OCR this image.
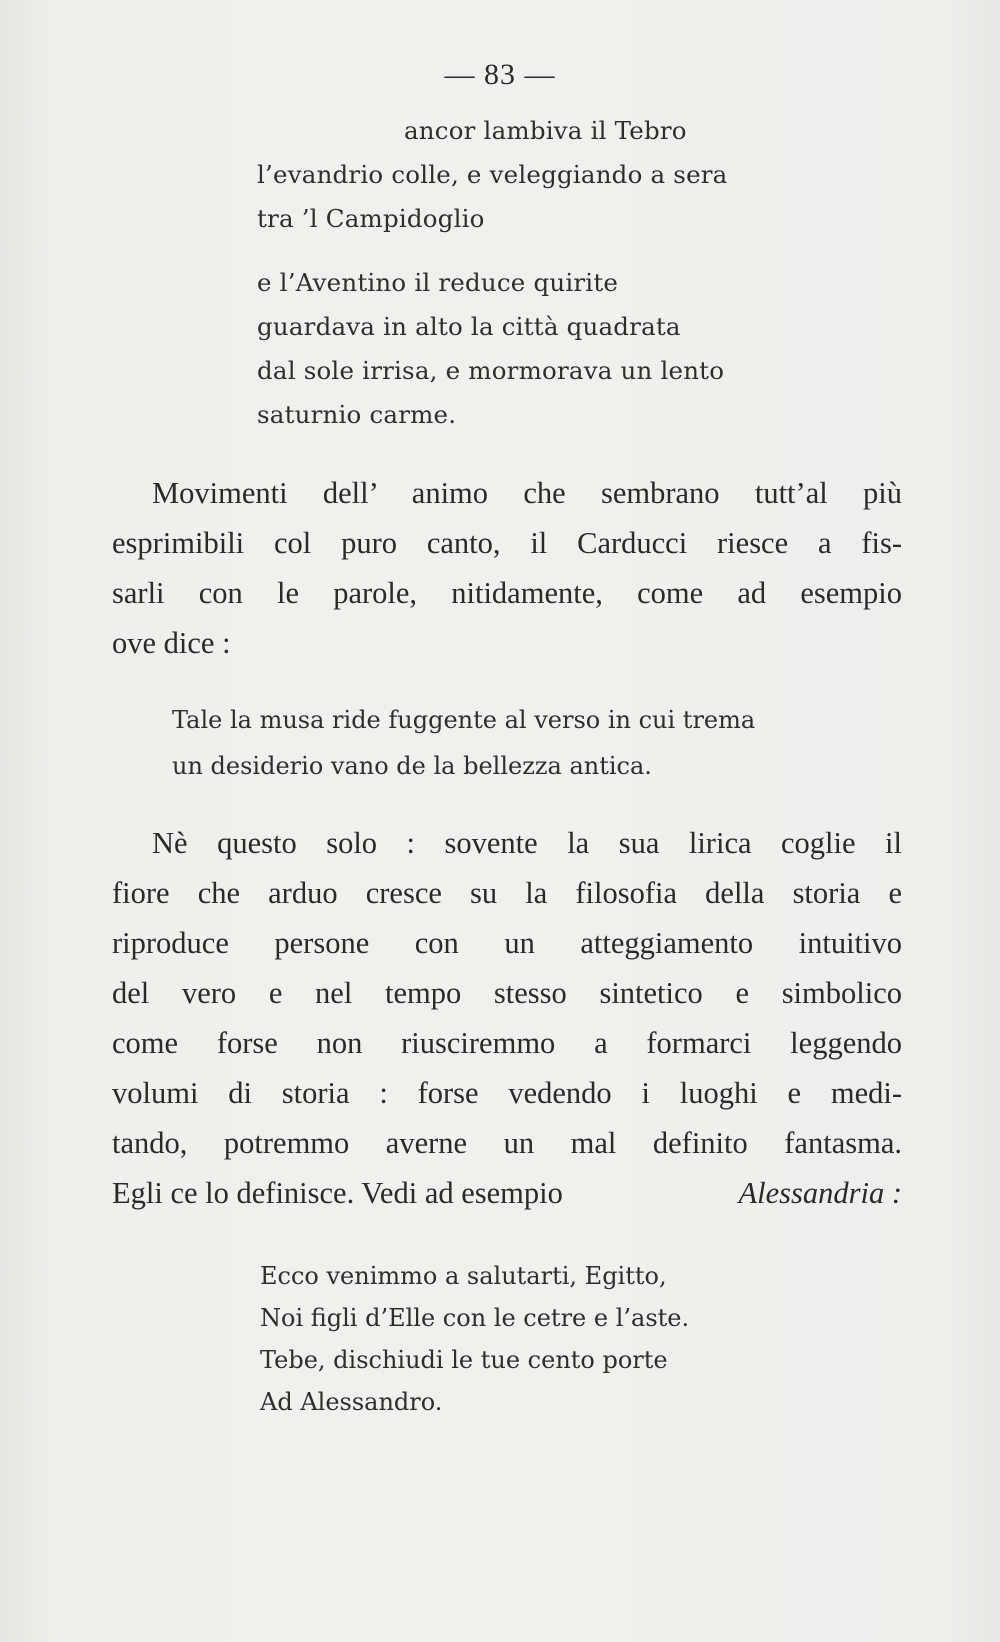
— 83 —
ancor lambiva il Tebro
l’evandrio colle, e veleggiando a sera
tra ’l Campidoglio
e l’Aventino il reduce quirite
guardava in alto la città quadrata
dal sole irrisa, e mormorava un lento
saturnio carme.
Movimenti dell’ animo che sembrano tutt’al più
esprimibili col puro canto, il Carducci riesce a fis-
sarli con le parole, nitidamente, come ad esempio
ove dice :
Tale la musa ride fuggente al verso in cui trema
un desiderio vano de la bellezza antica.
Nè questo solo : sovente la sua lirica coglie il
fiore che arduo cresce su la filosofia della storia e
riproduce persone con un atteggiamento intuitivo
del vero e nel tempo stesso sintetico e simbolico
come forse non riusciremmo a formarci leggendo
volumi di storia : forse vedendo i luoghi e medi-
tando, potremmo averne un mal definito fantasma.
Egli ce lo definisce. Vedi ad esempio	Alessandria :
Ecco venimmo a salutarti, Egitto,
Noi figli d’Elle con le cetre e l’aste.
Tebe, dischiudi le tue cento porte
Ad Alessandro.
